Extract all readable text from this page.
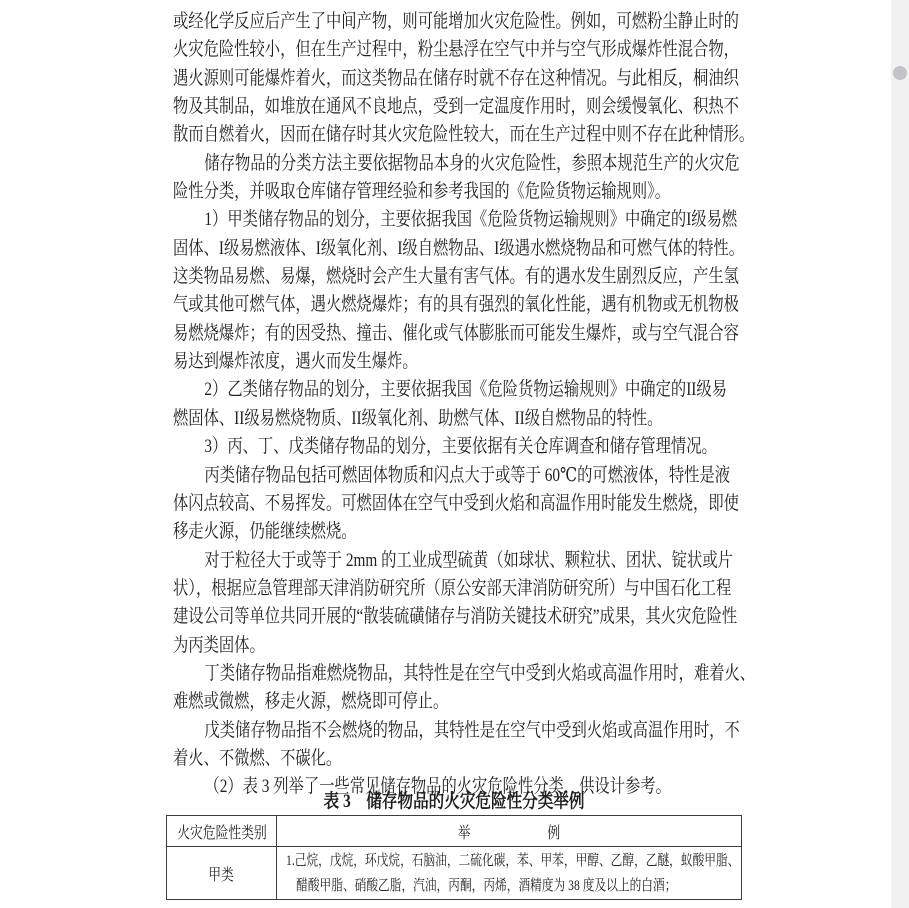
或经化学反应后产生了中间产物，则可能增加火灾危险性。例如，可燃粉尘静止时的
火灾危险性较小，但在生产过程中，粉尘悬浮在空气中并与空气形成爆炸性混合物，
遇火源则可能爆炸着火，而这类物品在储存时就不存在这种情况。与此相反，桐油织
物及其制品，如堆放在通风不良地点，受到一定温度作用时，则会缓慢氧化、积热不
散而自燃着火，因而在储存时其火灾危险性较大，而在生产过程中则不存在此种情形。
储存物品的分类方法主要依据物品本身的火灾危险性，参照本规范生产的火灾危
险性分类，并吸取仓库储存管理经验和参考我国的《危险货物运输规则》。
1）甲类储存物品的划分，主要依据我国《危险货物运输规则》中确定的I级易燃
固体、I级易燃液体、I级氧化剂、I级自燃物品、I级遇水燃烧物品和可燃气体的特性。
这类物品易燃、易爆，燃烧时会产生大量有害气体。有的遇水发生剧烈反应，产生氢
气或其他可燃气体，遇火燃烧爆炸；有的具有强烈的氧化性能，遇有机物或无机物极
易燃烧爆炸；有的因受热、撞击、催化或气体膨胀而可能发生爆炸，或与空气混合容
易达到爆炸浓度，遇火而发生爆炸。
2）乙类储存物品的划分，主要依据我国《危险货物运输规则》中确定的II级易
燃固体、II级易燃烧物质、II级氧化剂、助燃气体、II级自燃物品的特性。
3）丙、丁、戊类储存物品的划分，主要依据有关仓库调查和储存管理情况。
丙类储存物品包括可燃固体物质和闪点大于或等于 60℃的可燃液体，特性是液
体闪点较高、不易挥发。可燃固体在空气中受到火焰和高温作用时能发生燃烧，即使
移走火源，仍能继续燃烧。
对于粒径大于或等于 2mm 的工业成型硫黄（如球状、颗粒状、团状、锭状或片
状），根据应急管理部天津消防研究所（原公安部天津消防研究所）与中国石化工程
建设公司等单位共同开展的“散装硫磺储存与消防关键技术研究”成果，其火灾危险性
为丙类固体。
丁类储存物品指难燃烧物品，其特性是在空气中受到火焰或高温作用时，难着火、
难燃或微燃，移走火源，燃烧即可停止。
戊类储存物品指不会燃烧的物品，其特性是在空气中受到火焰或高温作用时，不
着火、不微燃、不碳化。
（2）表 3 列举了一些常见储存物品的火灾危险性分类，供设计参考。
表 3　储存物品的火灾危险性分类举例
火灾危险性类别	举　　　　　　例
甲类
1.己烷，戊烷，环戊烷，石脑油，二硫化碳，苯、甲苯，甲醇、乙醇，乙醚，蚁酸甲脂、
醋酸甲脂、硝酸乙脂，汽油，丙酮，丙烯，酒精度为 38 度及以上的白酒；
